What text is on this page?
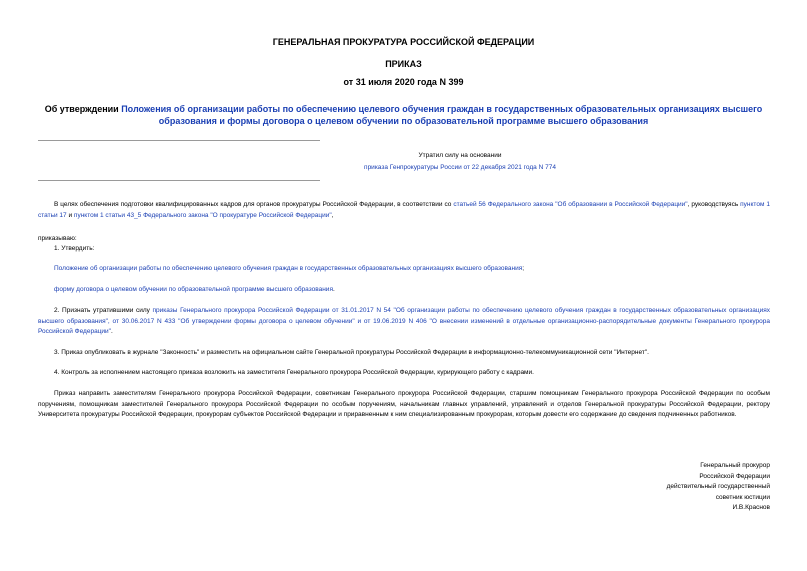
ГЕНЕРАЛЬНАЯ ПРОКУРАТУРА РОССИЙСКОЙ ФЕДЕРАЦИИ
ПРИКАЗ
от 31 июля 2020 года N 399
Об утверждении Положения об организации работы по обеспечению целевого обучения граждан в государственных образовательных организациях высшего образования и формы договора о целевом обучении по образовательной программе высшего образования
Утратил силу на основании
приказа Генпрокуратуры России от 22 декабря 2021 года N 774
В целях обеспечения подготовки квалифицированных кадров для органов прокуратуры Российской Федерации, в соответствии со статьей 56 Федерального закона "Об образовании в Российской Федерации", руководствуясь пунктом 1 статьи 17 и пунктом 1 статьи 43_5 Федерального закона "О прокуратуре Российской Федерации",
приказываю:
1. Утвердить:
Положение об организации работы по обеспечению целевого обучения граждан в государственных образовательных организациях высшего образования;
форму договора о целевом обучении по образовательной программе высшего образования.
2. Признать утратившими силу приказы Генерального прокурора Российской Федерации от 31.01.2017 N 54 "Об организации работы по обеспечению целевого обучения граждан в государственных образовательных организациях высшего образования", от 30.06.2017 N 433 "Об утверждении формы договора о целевом обучении" и от 19.06.2019 N 406 "О внесении изменений в отдельные организационно-распорядительные документы Генерального прокурора Российской Федерации".
3. Приказ опубликовать в журнале "Законность" и разместить на официальном сайте Генеральной прокуратуры Российской Федерации в информационно-телекоммуникационной сети "Интернет".
4. Контроль за исполнением настоящего приказа возложить на заместителя Генерального прокурора Российской Федерации, курирующего работу с кадрами.
Приказ направить заместителям Генерального прокурора Российской Федерации, советникам Генерального прокурора Российской Федерации, старшим помощникам Генерального прокурора Российской Федерации по особым поручениям, помощникам заместителей Генерального прокурора Российской Федерации по особым поручениям, начальникам главных управлений, управлений и отделов Генеральной прокуратуры Российской Федерации, ректору Университета прокуратуры Российской Федерации, прокурорам субъектов Российской Федерации и приравненным к ним специализированным прокурорам, которым довести его содержание до сведения подчиненных работников.
Генеральный прокурор
Российской Федерации
действительный государственный
советник юстиции
И.В.Краснов
